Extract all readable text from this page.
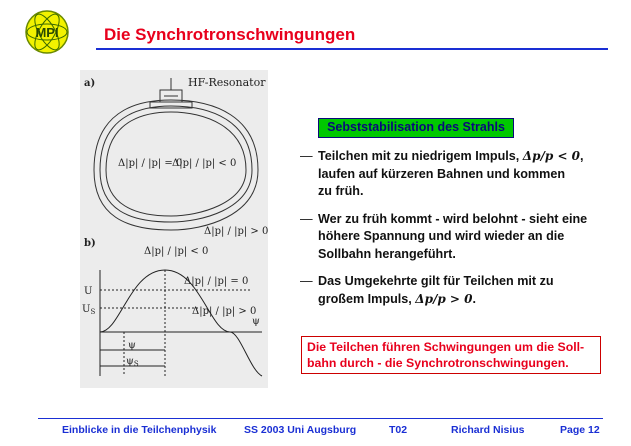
MPI	Die Synchrotronschwingungen
a)	HF-Resonator
Δ|p| / |p| = 0
Δ|p| / |p| < 0
Δ|p| / |p| > 0
b)
U
$U_S$
ψ
ψ
$\psi_S$
Δ|p| / |p| < 0
Δ|p| / |p| = 0
Δ|p| / |p| > 0
Sebststabilisation des Strahls
— Teilchen mit zu niedrigem Impuls, Δp/p < 0,
laufen auf kürzeren Bahnen und kommen
zu früh.
— Wer zu früh kommt - wird belohnt - sieht eine
höhere Spannung und wird wieder an die
Sollbahn herangeführt.
— Das Umgekehrte gilt für Teilchen mit zu
großem Impuls, Δp/p > 0.
Die Teilchen führen Schwingungen um die Soll-
bahn durch - die Synchrotronschwingungen.
Einblicke in die Teilchenphysik	SS 2003 Uni Augsburg	T02	Richard Nisius	Page 12
